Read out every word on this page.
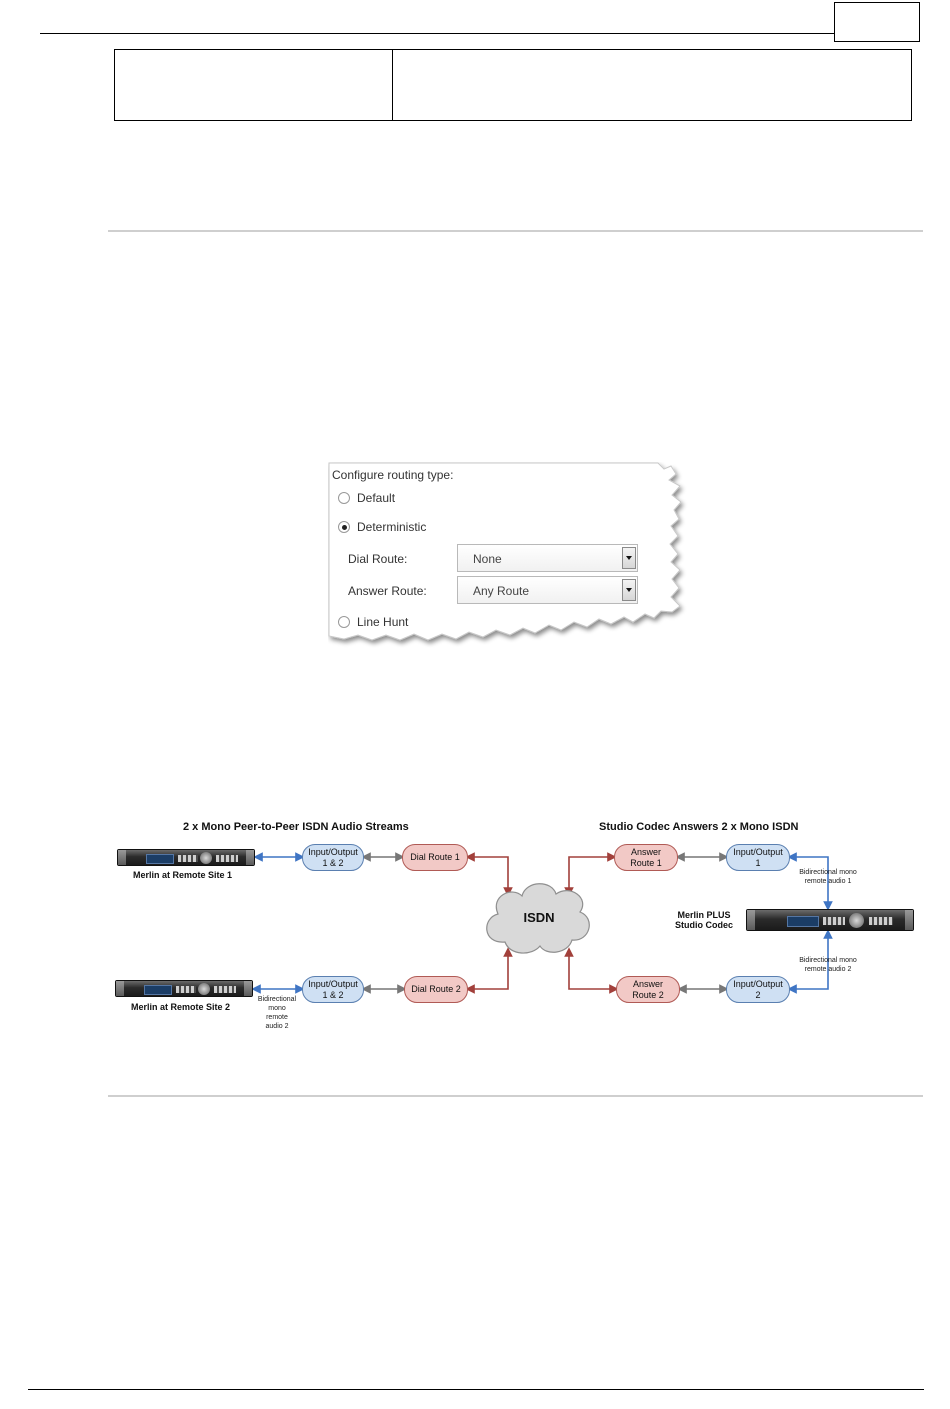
Configure routing type:
Default
Deterministic
Dial Route:	None
Answer Route:	Any Route
Line Hunt
2 x Mono Peer-to-Peer ISDN Audio Streams	Studio Codec Answers 2 x Mono ISDN
ISDN
Merlin at Remote Site 1
Merlin at Remote Site 2
Merlin PLUS
Studio Codec
Input/Output
1 & 2
Dial Route 1
Input/Output
1 & 2
Dial Route 2
Answer
Route 1
Input/Output
1
Answer
Route 2
Input/Output
2
Bidirectional
mono
remote
audio 2
Bidirectional mono
remote audio 1
Bidirectional mono
remote audio 2
